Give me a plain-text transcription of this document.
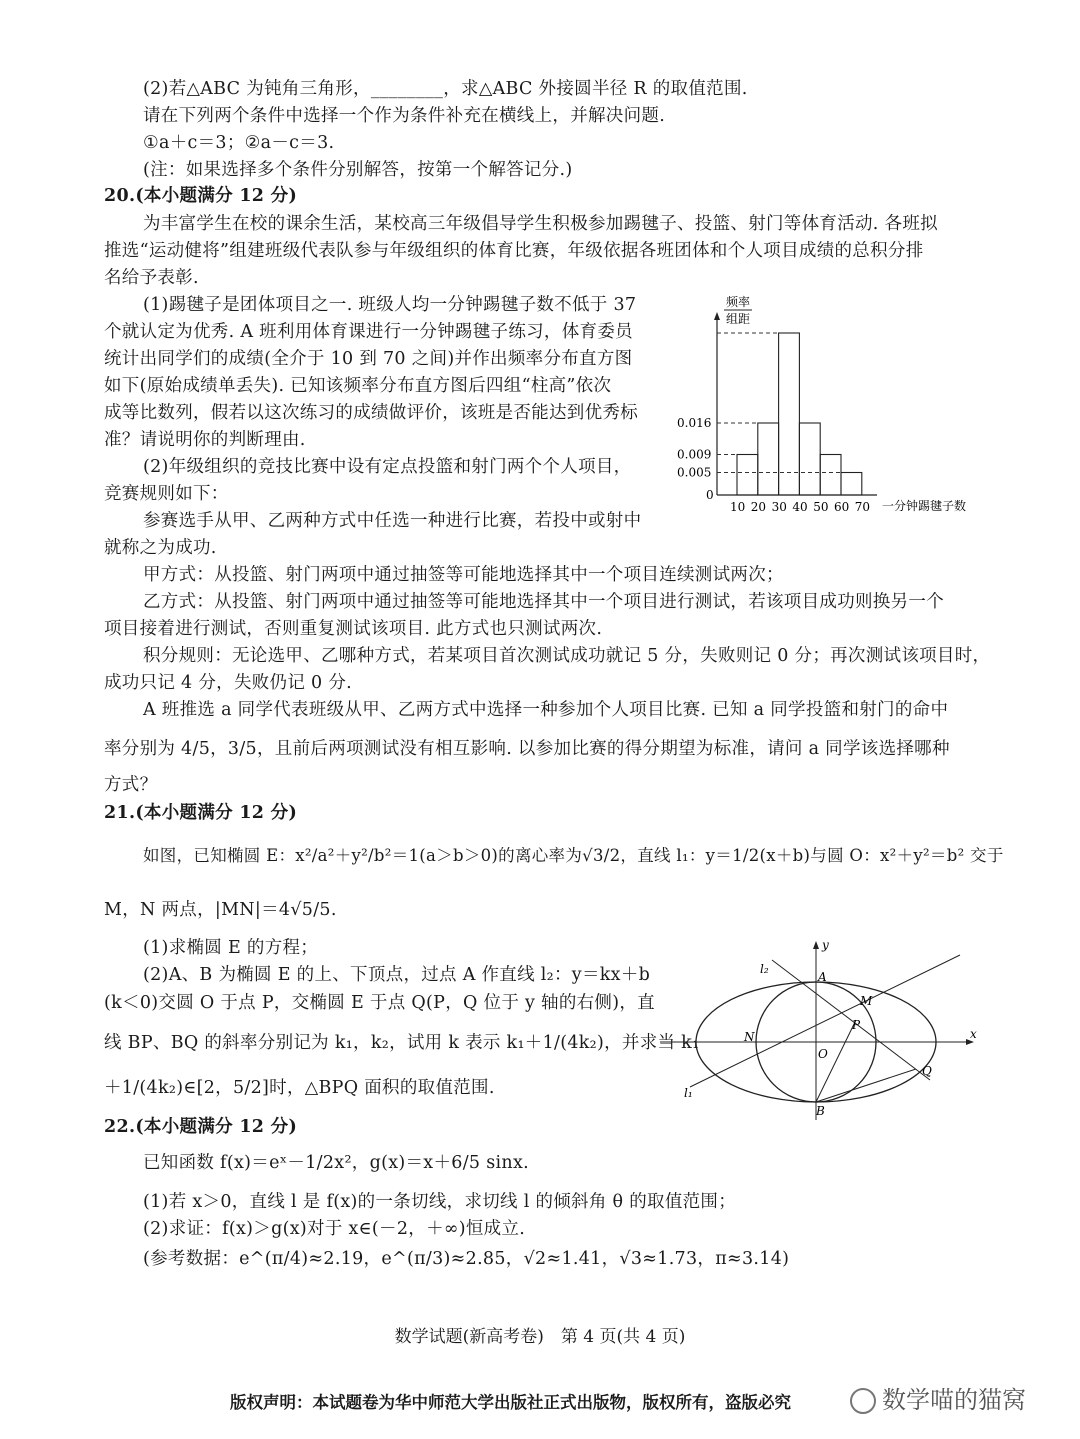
(2)若△ABC 为钝角三角形，________，求△ABC 外接圆半径 R 的取值范围.
请在下列两个条件中选择一个作为条件补充在横线上，并解决问题.
①a＋c＝3；②a－c＝3.
(注：如果选择多个条件分别解答，按第一个解答记分.)
20.(本小题满分 12 分)
为丰富学生在校的课余生活，某校高三年级倡导学生积极参加踢毽子、投篮、射门等体育活动. 各班拟
推选“运动健将”组建班级代表队参与年级组织的体育比赛，年级依据各班团体和个人项目成绩的总积分排
名给予表彰.
(1)踢毽子是团体项目之一. 班级人均一分钟踢毽子数不低于 37
个就认定为优秀. A 班利用体育课进行一分钟踢毽子练习，体育委员
统计出同学们的成绩(全介于 10 到 70 之间)并作出频率分布直方图
如下(原始成绩单丢失). 已知该频率分布直方图后四组“柱高”依次
成等比数列，假若以这次练习的成绩做评价，该班是否能达到优秀标
准？请说明你的判断理由.
(2)年级组织的竞技比赛中设有定点投篮和射门两个个人项目，
竞赛规则如下：
参赛选手从甲、乙两种方式中任选一种进行比赛，若投中或射中
就称之为成功.
甲方式：从投篮、射门两项中通过抽签等可能地选择其中一个项目连续测试两次；
乙方式：从投篮、射门两项中通过抽签等可能地选择其中一个项目进行测试，若该项目成功则换另一个
项目接着进行测试，否则重复测试该项目. 此方式也只测试两次.
积分规则：无论选甲、乙哪种方式，若某项目首次测试成功就记 5 分，失败则记 0 分；再次测试该项目时，
成功只记 4 分，失败仍记 0 分.
A 班推选 a 同学代表班级从甲、乙两方式中选择一种参加个人项目比赛. 已知 a 同学投篮和射门的命中
率分别为 4/5，3/5，且前后两项测试没有相互影响. 以参加比赛的得分期望为标准，请问 a 同学该选择哪种
方式？
21.(本小题满分 12 分)
如图，已知椭圆 E：x²/a²＋y²/b²＝1(a＞b＞0)的离心率为√3/2，直线 l₁：y＝1/2(x＋b)与圆 O：x²＋y²＝b² 交于
M，N 两点，|MN|＝4√5/5.
(1)求椭圆 E 的方程；
(2)A、B 为椭圆 E 的上、下顶点，过点 A 作直线 l₂：y＝kx＋b
(k＜0)交圆 O 于点 P，交椭圆 E 于点 Q(P，Q 位于 y 轴的右侧)，直
线 BP、BQ 的斜率分别记为 k₁，k₂，试用 k 表示 k₁＋1/(4k₂)，并求当 k₁
＋1/(4k₂)∈[2，5/2]时，△BPQ 面积的取值范围.
22.(本小题满分 12 分)
已知函数 f(x)＝eˣ－1/2x²，g(x)＝x＋6/5 sinx.
(1)若 x＞0，直线 l 是 f(x)的一条切线，求切线 l 的倾斜角 θ 的取值范围；
(2)求证：f(x)＞g(x)对于 x∈(－2，＋∞)恒成立.
(参考数据：e^(π/4)≈2.19，e^(π/3)≈2.85，√2≈1.41，√3≈1.73，π≈3.14)
频率
组距
0
一分钟踢毽子数
0.005
0.009
0.016
10 20 30 40 50 60 70
y
x
A
B
M
N
P
Q
O
l₁
l₂
数学试题(新高考卷)　第 4 页(共 4 页)
版权声明：本试题卷为华中师范大学出版社正式出版物，版权所有，盗版必究	数学喵的猫窝
